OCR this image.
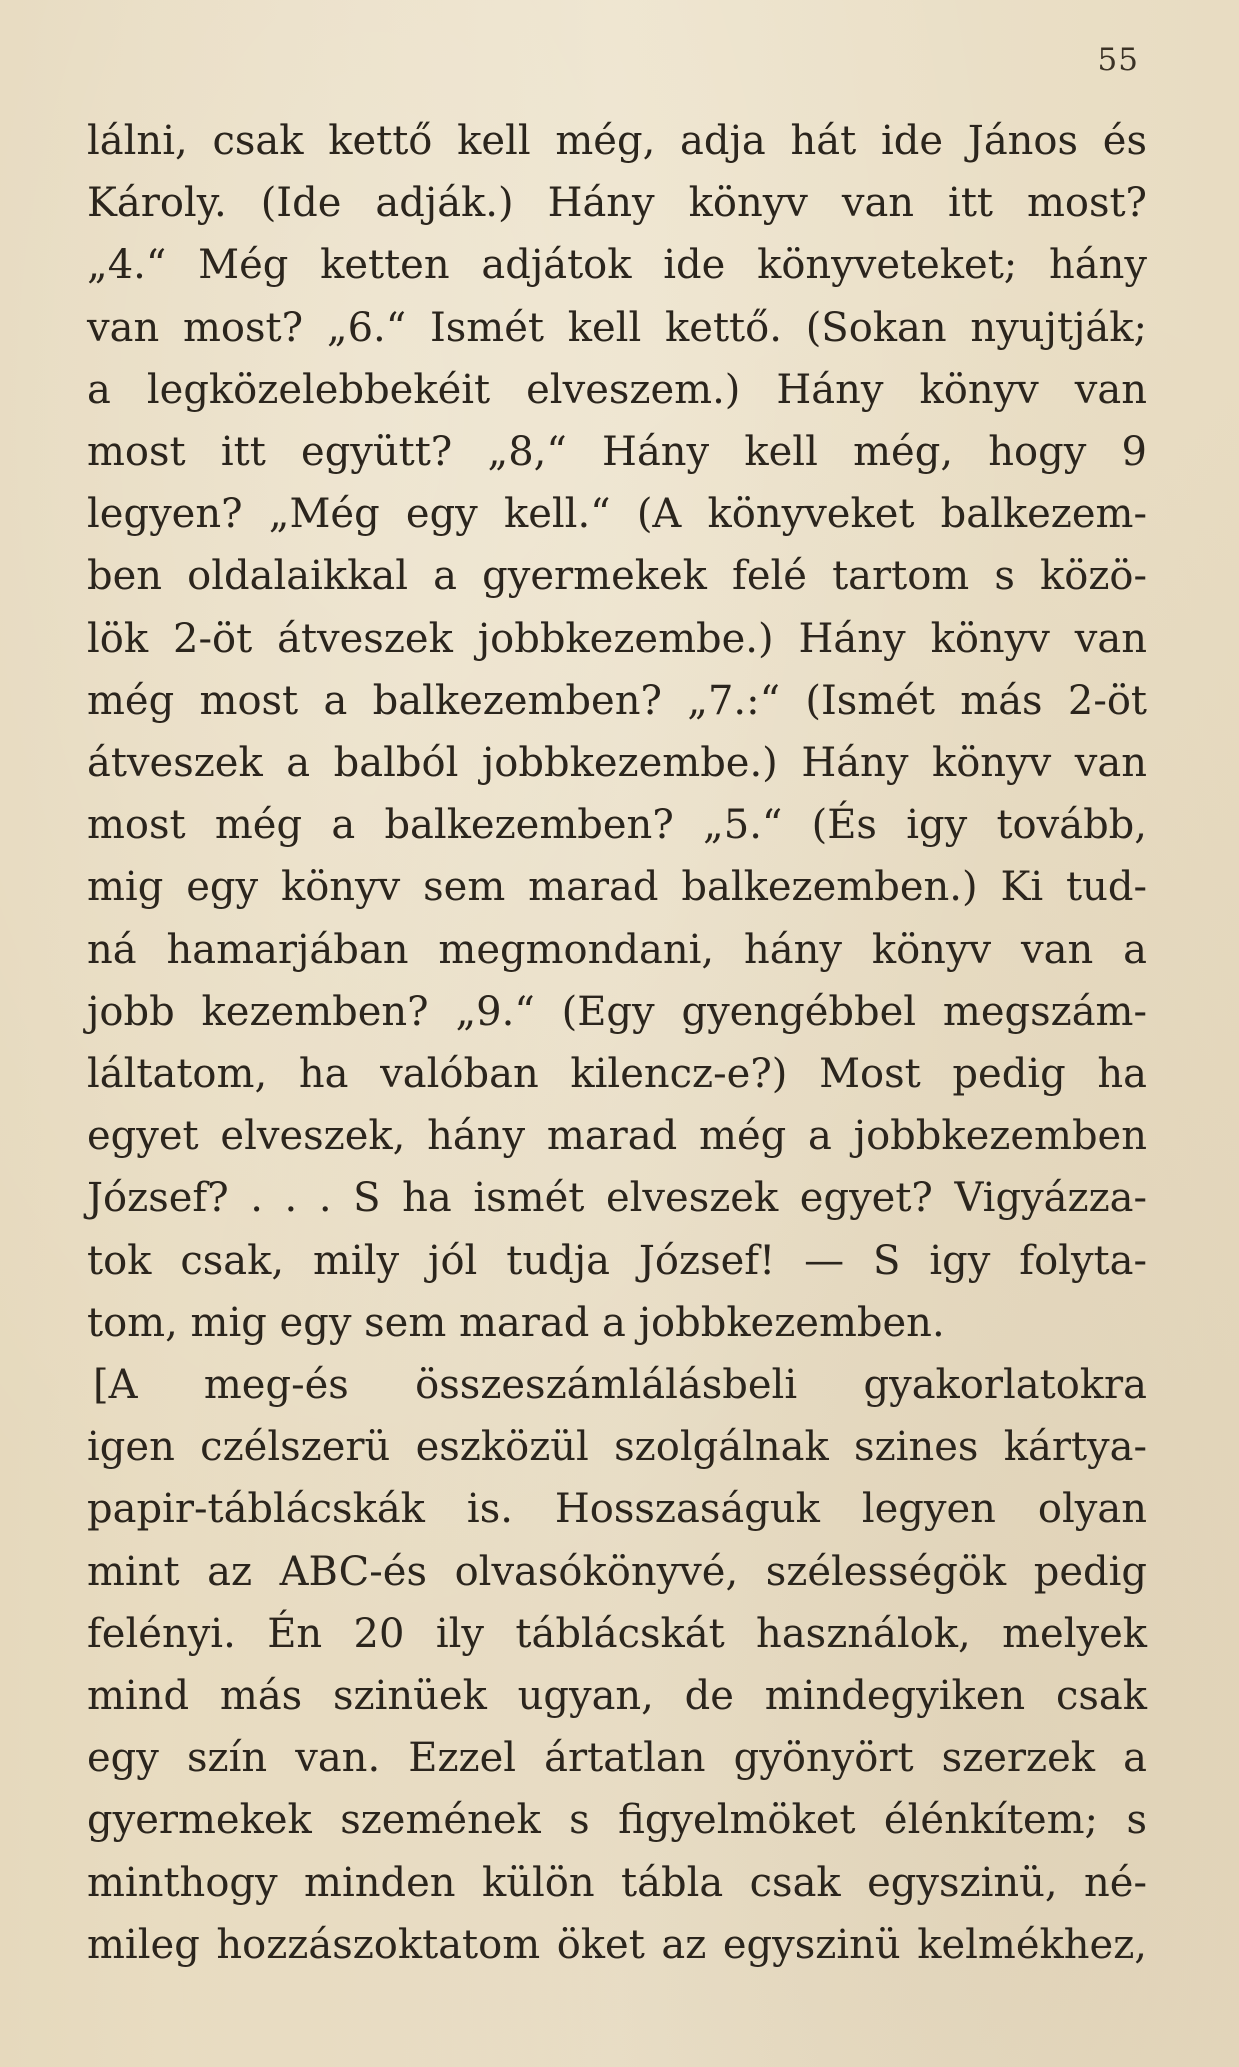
55
lálni, csak kettő kell még, adja hát ide János és
Károly. (Ide adják.) Hány könyv van itt most?
„4.“ Még ketten adjátok ide könyveteket; hány
van most? „6.“ Ismét kell kettő. (Sokan nyujtják;
a legközelebbekéit elveszem.) Hány könyv van
most itt együtt? „8,“ Hány kell még, hogy 9
legyen? „Még egy kell.“ (A könyveket balkezem-
ben oldalaikkal a gyermekek felé tartom s közö-
lök 2-öt átveszek jobbkezembe.) Hány könyv van
még most a balkezemben? „7.:“ (Ismét más 2-öt
átveszek a balból jobbkezembe.) Hány könyv van
most még a balkezemben? „5.“ (És igy tovább,
mig egy könyv sem marad balkezemben.) Ki tud-
ná hamarjában megmondani, hány könyv van a
jobb kezemben? „9.“ (Egy gyengébbel megszám-
láltatom, ha valóban kilencz-e?) Most pedig ha
egyet elveszek, hány marad még a jobbkezemben
József? . . . S ha ismét elveszek egyet? Vigyázza-
tok csak, mily jól tudja József! — S igy folyta-
tom, mig egy sem marad a jobbkezemben.
[A meg-és összeszámlálásbeli gyakorlatokra
igen czélszerü eszközül szolgálnak szines kártya-
papir-táblácskák is. Hosszaságuk legyen olyan
mint az ABC-és olvasókönyvé, szélességök pedig
felényi. Én 20 ily táblácskát használok, melyek
mind más szinüek ugyan, de mindegyiken csak
egy szín van. Ezzel ártatlan gyönyört szerzek a
gyermekek szemének s figyelmöket élénkítem; s
minthogy minden külön tábla csak egyszinü, né-
mileg hozzászoktatom öket az egyszinü kelmékhez,
